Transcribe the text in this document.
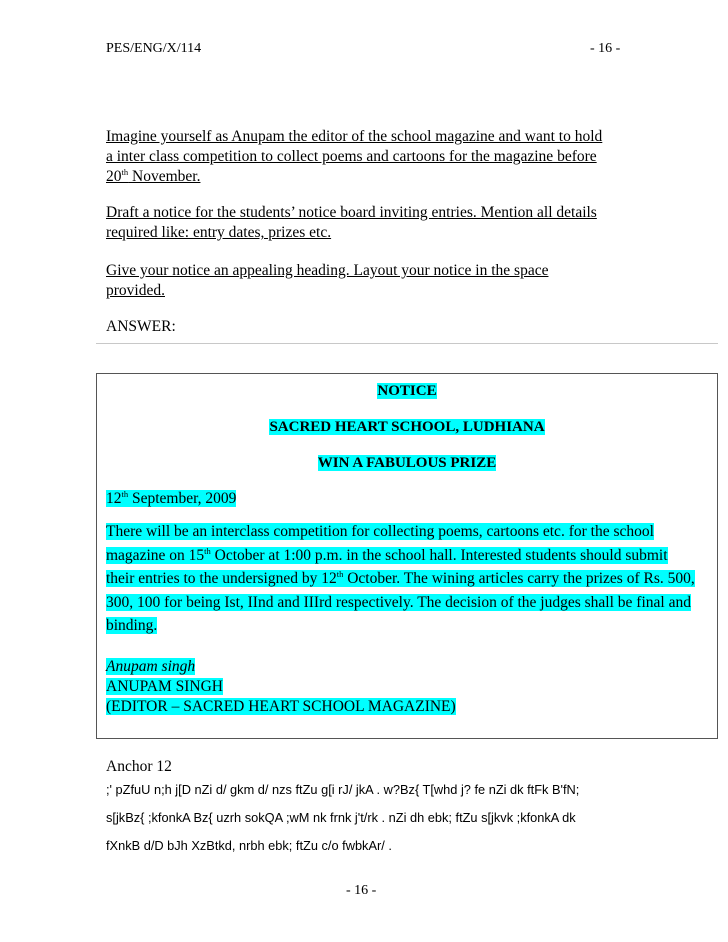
PES/ENG/X/114	- 16 -

Imagine yourself as Anupam the editor of the school magazine and want to hold

a inter class competition to collect poems and cartoons for the magazine before

20th November.

Draft a notice for the students’ notice board inviting entries. Mention all details

required like: entry dates, prizes etc.

Give your notice an appealing heading. Layout your notice in the space

provided.

ANSWER:
NOTICE
SACRED HEART SCHOOL, LUDHIANA
WIN A FABULOUS PRIZE
12th September, 2009
There will be an interclass competition for collecting poems, cartoons etc. for the school magazine on 15th October at 1:00 p.m. in the school hall. Interested students should submit their entries to the undersigned by 12th October. The wining articles carry the prizes of Rs. 500, 300, 100 for being Ist, IInd and IIIrd respectively. The decision of the judges shall be final and binding.
Anupam singh
ANUPAM SINGH
(EDITOR – SACRED HEART SCHOOL MAGAZINE)
Anchor 12
;' pZfuU n;h j[D nZi d/ gkm d/ nzs ftZu g[i rJ/ jkA . w?Bz{ T[whd j? fe nZi dk ftFk B'fN;
s[jkBz{ ;kfonkA Bz{ uzrh sokQA ;wM nk frnk j't/rk . nZi dh ebk; ftZu s[jkvk ;kfonkA dk
fXnkB d/D bJh XzBtkd, nrbh ebk; ftZu c/o fwbkAr/ .
- 16 -
